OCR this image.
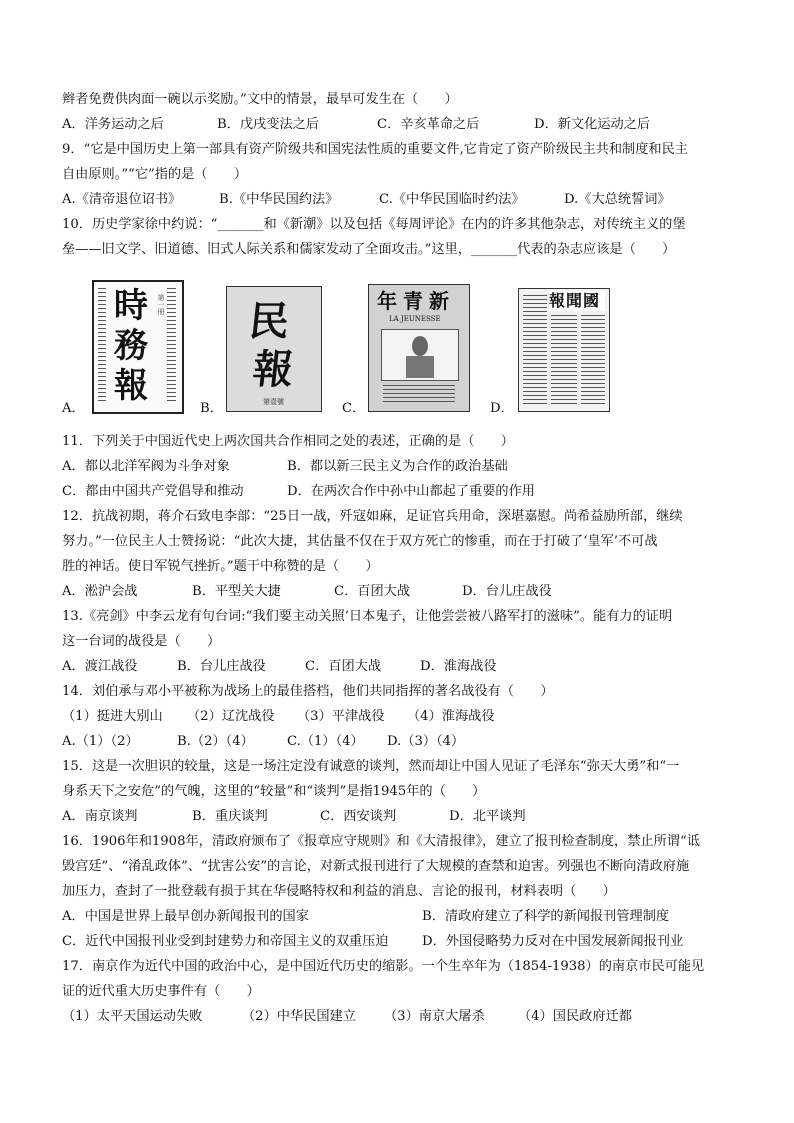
辫者免费供肉面一碗以示奖励。”文中的情景，最早可发生在（　　）
A．洋务运动之后	B．戊戌变法之后	C．辛亥革命之后	D．新文化运动之后
9．“它是中国历史上第一部具有资产阶级共和国宪法性质的重要文件,它肯定了资产阶级民主共和制度和民主
自由原则。”“它”指的是（　　）
A.《清帝退位诏书》	B.《中华民国约法》	C.《中华民国临时约法》	D.《大总统誓词》
10．历史学家徐中约说：“_______和《新潮》以及包括《每周评论》在内的许多其他杂志，对传统主义的堡
垒——旧文学、旧道德、旧式人际关系和儒家发动了全面攻击。”这里，_______代表的杂志应该是（　　）
A．
時
務
報
第一冊
B．
民
報
第壹號	C．
年青新
LA JEUNESSE
D．
報聞國
11．下列关于中国近代史上两次国共合作相同之处的表述，正确的是（　　）
A．都以北洋军阀为斗争对象	B．都以新三民主义为合作的政治基础
C．都由中国共产党倡导和推动	D．在两次合作中孙中山都起了重要的作用
12．抗战初期，蒋介石致电李部：“25日一战，歼寇如麻，足证官兵用命，深堪嘉慰。尚希益励所部，继续
努力。”一位民主人士赞扬说：“此次大捷，其估量不仅在于双方死亡的惨重，而在于打破了‘皇军’不可战
胜的神话。使日军锐气挫折。”题干中称赞的是（　　）
A．淞沪会战	B．平型关大捷	C．百团大战	D．台儿庄战役
13.《亮剑》中李云龙有句台词:“我们要主动关照’日本鬼子，让他尝尝被八路军打的滋味”。能有力的证明
这一台词的战役是（　　）
A．渡江战役	B．台儿庄战役	C．百团大战	D．淮海战役
14．刘伯承与邓小平被称为战场上的最佳搭档，他们共同指挥的著名战役有（　　）
（1）挺进大别山 （2）辽沈战役 （3）平津战役 （4）淮海战役
A.（1）（2）	B.（2）（4）	C.（1）（4） D.（3）（4）
15．这是一次胆识的较量，这是一场注定没有诚意的谈判，然而却让中国人见证了毛泽东“弥天大勇”和“一
身系天下之安危”的气魄，这里的“较量”和“谈判”是指1945年的（　　）
A．南京谈判	B．重庆谈判	C．西安谈判	D．北平谈判
16．1906年和1908年，清政府颁布了《报章应守规则》和《大清报律》，建立了报刊检查制度，禁止所谓“诋
毁宫廷”、“淆乱政体”、“扰害公安”的言论，对新式报刊进行了大规模的查禁和迫害。列强也不断向清政府施
加压力，查封了一批登载有损于其在华侵略特权和利益的消息、言论的报刊，材料表明（　　）
A．中国是世界上最早创办新闻报刊的国家	B．清政府建立了科学的新闻报刊管理制度
C．近代中国报刊业受到封建势力和帝国主义的双重压迫	D．外国侵略势力反对在中国发展新闻报刊业
17．南京作为近代中国的政治中心，是中国近代历史的缩影。一个生卒年为（1854-1938）的南京市民可能见
证的近代重大历史事件有（　　）
（1）太平天国运动失败	（2）中华民国建立 （3）南京大屠杀	（4）国民政府迁都
